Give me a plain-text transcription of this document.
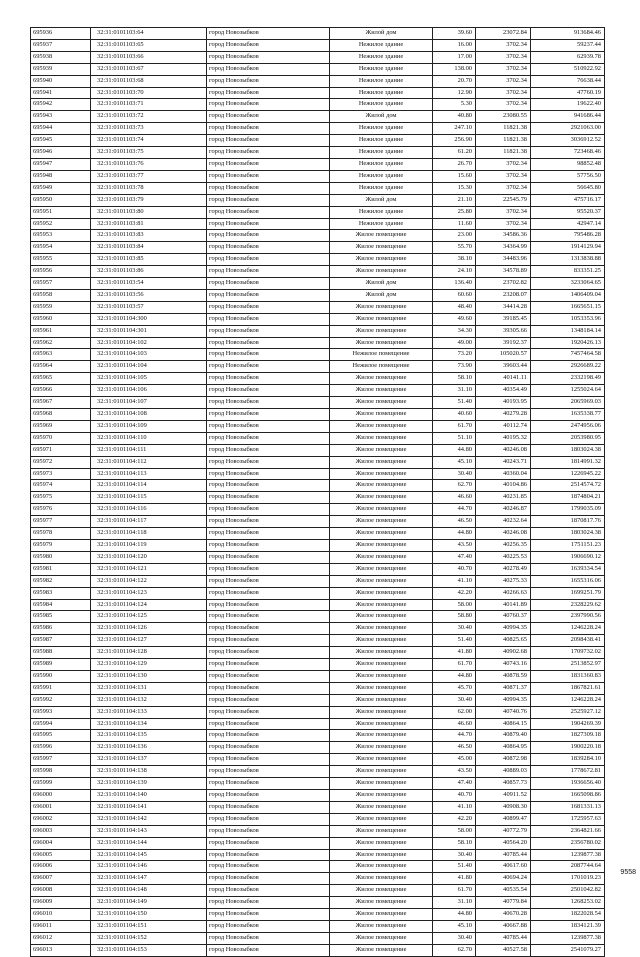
695936	32:31:0101103:64	город Новозыбков	Жилой дом	39.60	23072.84	913684.46
695937	32:31:0101103:65	город Новозыбков	Нежилое здание	16.00	3702.34	59237.44
695938	32:31:0101103:66	город Новозыбков	Нежилое здание	17.00	3702.34	62939.78
695939	32:31:0101103:67	город Новозыбков	Нежилое здание	138.00	3702.34	510922.92
695940	32:31:0101103:68	город Новозыбков	Нежилое здание	20.70	3702.34	76638.44
695941	32:31:0101103:70	город Новозыбков	Нежилое здание	12.90	3702.34	47760.19
695942	32:31:0101103:71	город Новозыбков	Нежилое здание	5.30	3702.34	19622.40
695943	32:31:0101103:72	город Новозыбков	Жилой дом	40.80	23080.55	941686.44
695944	32:31:0101103:73	город Новозыбков	Нежилое здание	247.10	11821.38	2921063.00
695945	32:31:0101103:74	город Новозыбков	Нежилое здание	256.90	11821.38	3036912.52
695946	32:31:0101103:75	город Новозыбков	Нежилое здание	61.20	11821.38	723468.46
695947	32:31:0101103:76	город Новозыбков	Нежилое здание	26.70	3702.34	98852.48
695948	32:31:0101103:77	город Новозыбков	Нежилое здание	15.60	3702.34	57756.50
695949	32:31:0101103:78	город Новозыбков	Нежилое здание	15.30	3702.34	56645.80
695950	32:31:0101103:79	город Новозыбков	Жилой дом	21.10	22545.79	475716.17
695951	32:31:0101103:80	город Новозыбков	Нежилое здание	25.80	3702.34	95520.37
695952	32:31:0101103:81	город Новозыбков	Нежилое здание	11.60	3702.34	42947.14
695953	32:31:0101103:83	город Новозыбков	Жилое помещение	23.00	34586.36	795486.28
695954	32:31:0101103:84	город Новозыбков	Жилое помещение	55.70	34364.99	1914129.94
695955	32:31:0101103:85	город Новозыбков	Жилое помещение	38.10	34483.96	1313838.88
695956	32:31:0101103:86	город Новозыбков	Жилое помещение	24.10	34578.89	833351.25
695957	32:31:0101103:54	город Новозыбков	Жилой дом	136.40	23702.82	3233064.65
695958	32:31:0101103:56	город Новозыбков	Жилой дом	60.60	23208.07	1406409.04
695959	32:31:0101103:57	город Новозыбков	Жилое помещение	48.40	34414.28	1665651.15
695960	32:31:0101104:300	город Новозыбков	Жилое помещение	49.60	39185.45	1053353.96
695961	32:31:0101104:301	город Новозыбков	Жилое помещение	34.30	39305.66	1348184.14
695962	32:31:0101104:102	город Новозыбков	Жилое помещение	49.00	39192.37	1920426.13
695963	32:31:0101104:103	город Новозыбков	Нежилое помещение	73.20	105020.57	7457464.58
695964	32:31:0101104:104	город Новозыбков	Нежилое помещение	73.90	39603.44	2926689.22
695965	32:31:0101104:105	город Новозыбков	Жилое помещение	58.10	40141.11	2332198.49
695966	32:31:0101104:106	город Новозыбков	Жилое помещение	31.10	40354.49	1255024.64
695967	32:31:0101104:107	город Новозыбков	Жилое помещение	51.40	40193.95	2065969.03
695968	32:31:0101104:108	город Новозыбков	Жилое помещение	40.60	40279.28	1635338.77
695969	32:31:0101104:109	город Новозыбков	Жилое помещение	61.70	40112.74	2474956.06
695970	32:31:0101104:110	город Новозыбков	Жилое помещение	51.10	40195.32	2053980.95
695971	32:31:0101104:111	город Новозыбков	Жилое помещение	44.80	40246.08	1803024.38
695972	32:31:0101104:112	город Новозыбков	Жилое помещение	45.10	40243.71	1814991.32
695973	32:31:0101104:113	город Новозыбков	Жилое помещение	30.40	40360.04	1226945.22
695974	32:31:0101104:114	город Новозыбков	Жилое помещение	62.70	40104.86	2514574.72
695975	32:31:0101104:115	город Новозыбков	Жилое помещение	46.60	40231.85	1874804.21
695976	32:31:0101104:116	город Новозыбков	Жилое помещение	44.70	40246.87	1799035.09
695977	32:31:0101104:117	город Новозыбков	Жилое помещение	46.50	40232.64	1870817.76
695978	32:31:0101104:118	город Новозыбков	Жилое помещение	44.80	40246.08	1803024.38
695979	32:31:0101104:119	город Новозыбков	Жилое помещение	43.50	40256.35	1751151.23
695980	32:31:0101104:120	город Новозыбков	Жилое помещение	47.40	40225.53	1906690.12
695981	32:31:0101104:121	город Новозыбков	Жилое помещение	40.70	40278.49	1639334.54
695982	32:31:0101104:122	город Новозыбков	Жилое помещение	41.10	40275.33	1655316.06
695983	32:31:0101104:123	город Новозыбков	Жилое помещение	42.20	40266.63	1699251.79
695984	32:31:0101104:124	город Новозыбков	Жилое помещение	58.00	40141.89	2328229.62
695985	32:31:0101104:125	город Новозыбков	Жилое помещение	58.80	40760.37	2397990.56
695986	32:31:0101104:126	город Новозыбков	Жилое помещение	30.40	40994.35	1246228.24
695987	32:31:0101104:127	город Новозыбков	Жилое помещение	51.40	40825.65	2098438.41
695988	32:31:0101104:128	город Новозыбков	Жилое помещение	41.80	40902.68	1709732.02
695989	32:31:0101104:129	город Новозыбков	Жилое помещение	61.70	40743.16	2513852.97
695990	32:31:0101104:130	город Новозыбков	Жилое помещение	44.80	40878.59	1831360.83
695991	32:31:0101104:131	город Новозыбков	Жилое помещение	45.70	40871.37	1867821.61
695992	32:31:0101104:132	город Новозыбков	Жилое помещение	30.40	40994.35	1246228.24
695993	32:31:0101104:133	город Новозыбков	Жилое помещение	62.00	40740.76	2525927.12
695994	32:31:0101104:134	город Новозыбков	Жилое помещение	46.60	40864.15	1904269.39
695995	32:31:0101104:135	город Новозыбков	Жилое помещение	44.70	40879.40	1827309.18
695996	32:31:0101104:136	город Новозыбков	Жилое помещение	46.50	40864.95	1900220.18
695997	32:31:0101104:137	город Новозыбков	Жилое помещение	45.00	40872.98	1839284.10
695998	32:31:0101104:138	город Новозыбков	Жилое помещение	43.50	40889.03	1778672.81
695999	32:31:0101104:139	город Новозыбков	Жилое помещение	47.40	40857.73	1936656.40
696000	32:31:0101104:140	город Новозыбков	Жилое помещение	40.70	40911.52	1665098.86
696001	32:31:0101104:141	город Новозыбков	Жилое помещение	41.10	40908.30	1681331.13
696002	32:31:0101104:142	город Новозыбков	Жилое помещение	42.20	40899.47	1725957.63
696003	32:31:0101104:143	город Новозыбков	Жилое помещение	58.00	40772.79	2364821.66
696004	32:31:0101104:144	город Новозыбков	Жилое помещение	58.10	40564.20	2356780.02
696005	32:31:0101104:145	город Новозыбков	Жилое помещение	30.40	40785.44	1239877.38
696006	32:31:0101104:146	город Новозыбков	Жилое помещение	51.40	40617.60	2087744.64
696007	32:31:0101104:147	город Новозыбков	Жилое помещение	41.80	40694.24	1701019.23
696008	32:31:0101104:148	город Новозыбков	Жилое помещение	61.70	40535.54	2501042.82
696009	32:31:0101104:149	город Новозыбков	Жилое помещение	31.10	40779.84	1268253.02
696010	32:31:0101104:150	город Новозыбков	Жилое помещение	44.80	40670.28	1822028.54
696011	32:31:0101104:151	город Новозыбков	Жилое помещение	45.10	40667.88	1834121.39
696012	32:31:0101104:152	город Новозыбков	Жилое помещение	30.40	40785.44	1239877.38
696013	32:31:0101104:153	город Новозыбков	Жилое помещение	62.70	40527.58	2541079.27
9558
